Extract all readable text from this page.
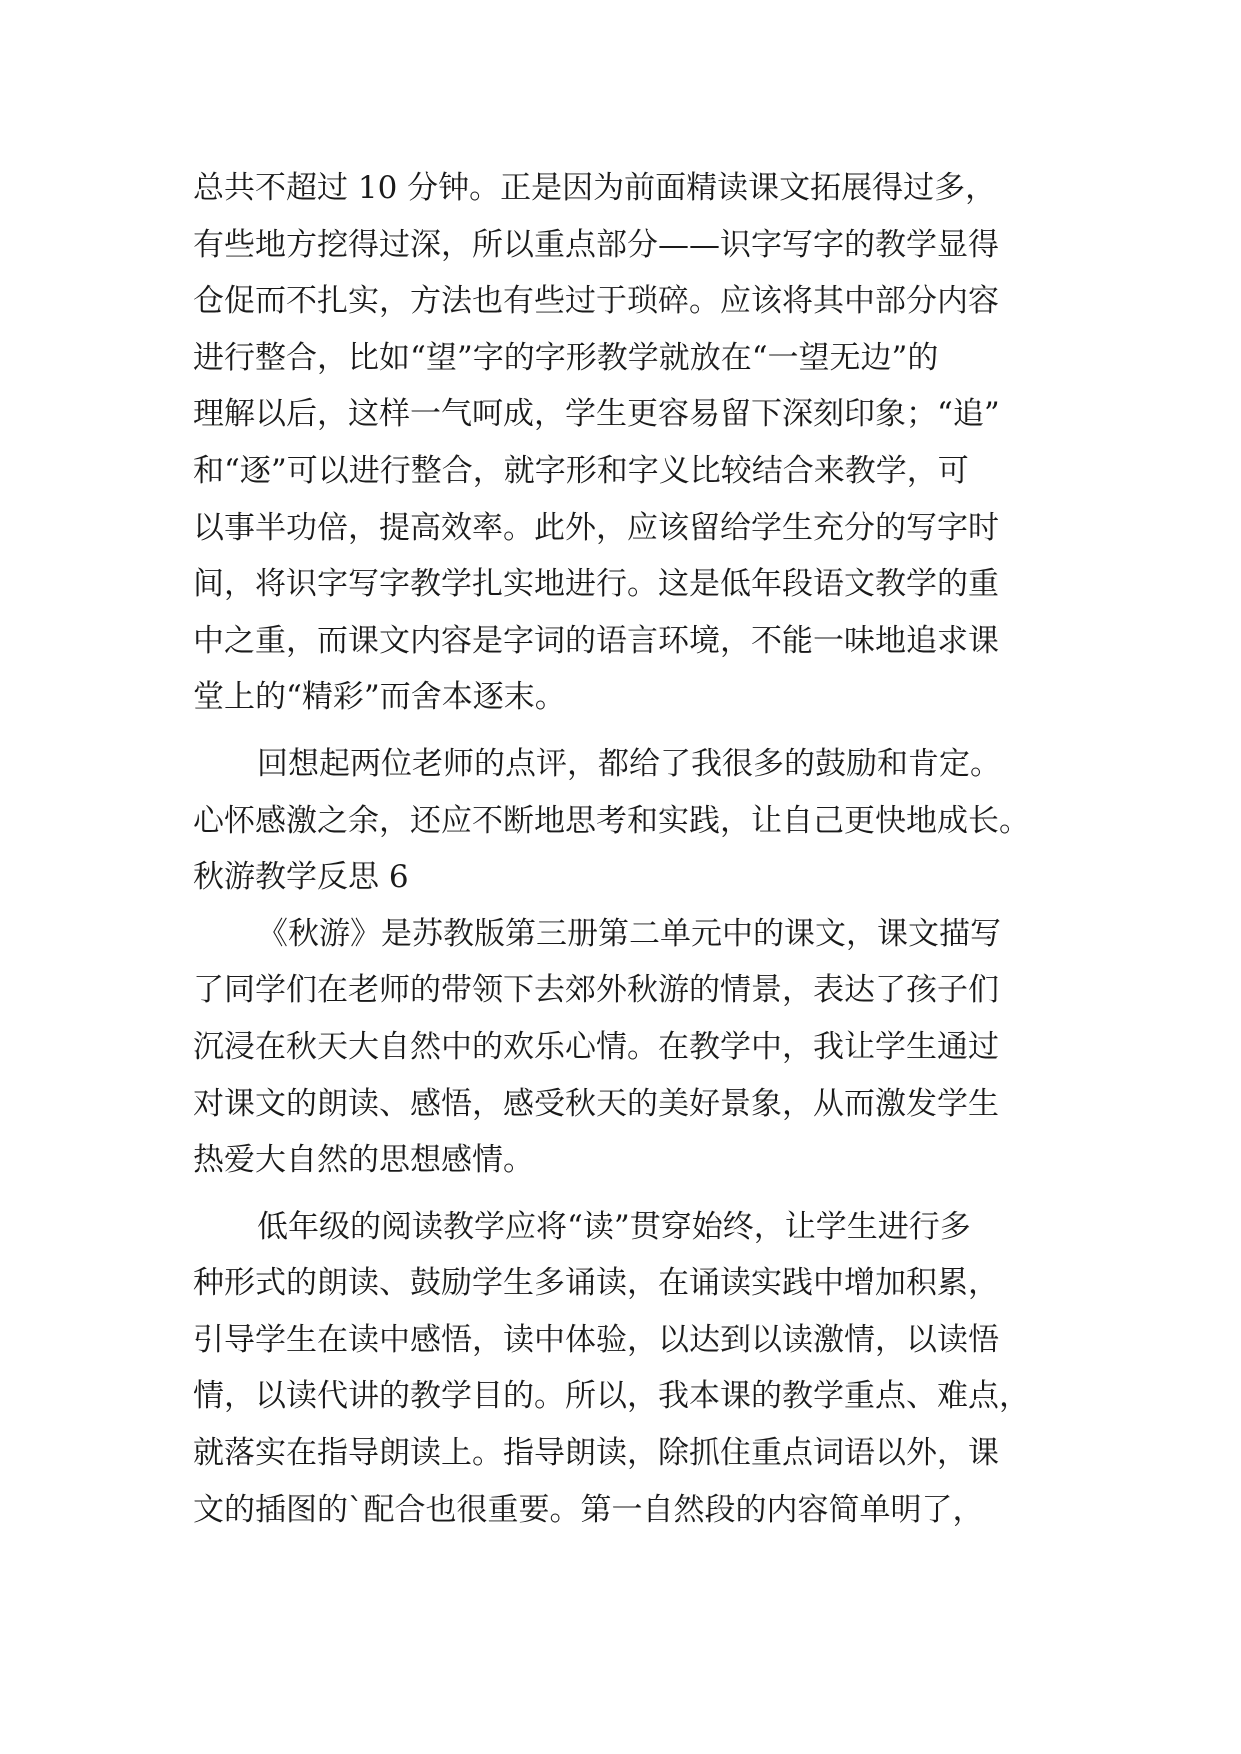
总共不超过 10 分钟。正是因为前面精读课文拓展得过多，
有些地方挖得过深，所以重点部分——识字写字的教学显得
仓促而不扎实，方法也有些过于琐碎。应该将其中部分内容
进行整合，比如“望”字的字形教学就放在“一望无边”的
理解以后，这样一气呵成，学生更容易留下深刻印象；“追”
和“逐”可以进行整合，就字形和字义比较结合来教学，可
以事半功倍，提高效率。此外，应该留给学生充分的写字时
间，将识字写字教学扎实地进行。这是低年段语文教学的重
中之重，而课文内容是字词的语言环境，不能一味地追求课
堂上的“精彩”而舍本逐末。
回想起两位老师的点评，都给了我很多的鼓励和肯定。
心怀感激之余，还应不断地思考和实践，让自己更快地成长。
秋游教学反思 6
《秋游》是苏教版第三册第二单元中的课文，课文描写
了同学们在老师的带领下去郊外秋游的情景，表达了孩子们
沉浸在秋天大自然中的欢乐心情。在教学中，我让学生通过
对课文的朗读、感悟，感受秋天的美好景象，从而激发学生
热爱大自然的思想感情。
低年级的阅读教学应将“读”贯穿始终，让学生进行多
种形式的朗读、鼓励学生多诵读，在诵读实践中增加积累，
引导学生在读中感悟，读中体验，以达到以读激情，以读悟
情，以读代讲的教学目的。所以，我本课的教学重点、难点，
就落实在指导朗读上。指导朗读，除抓住重点词语以外，课
文的插图的`配合也很重要。第一自然段的内容简单明了，
